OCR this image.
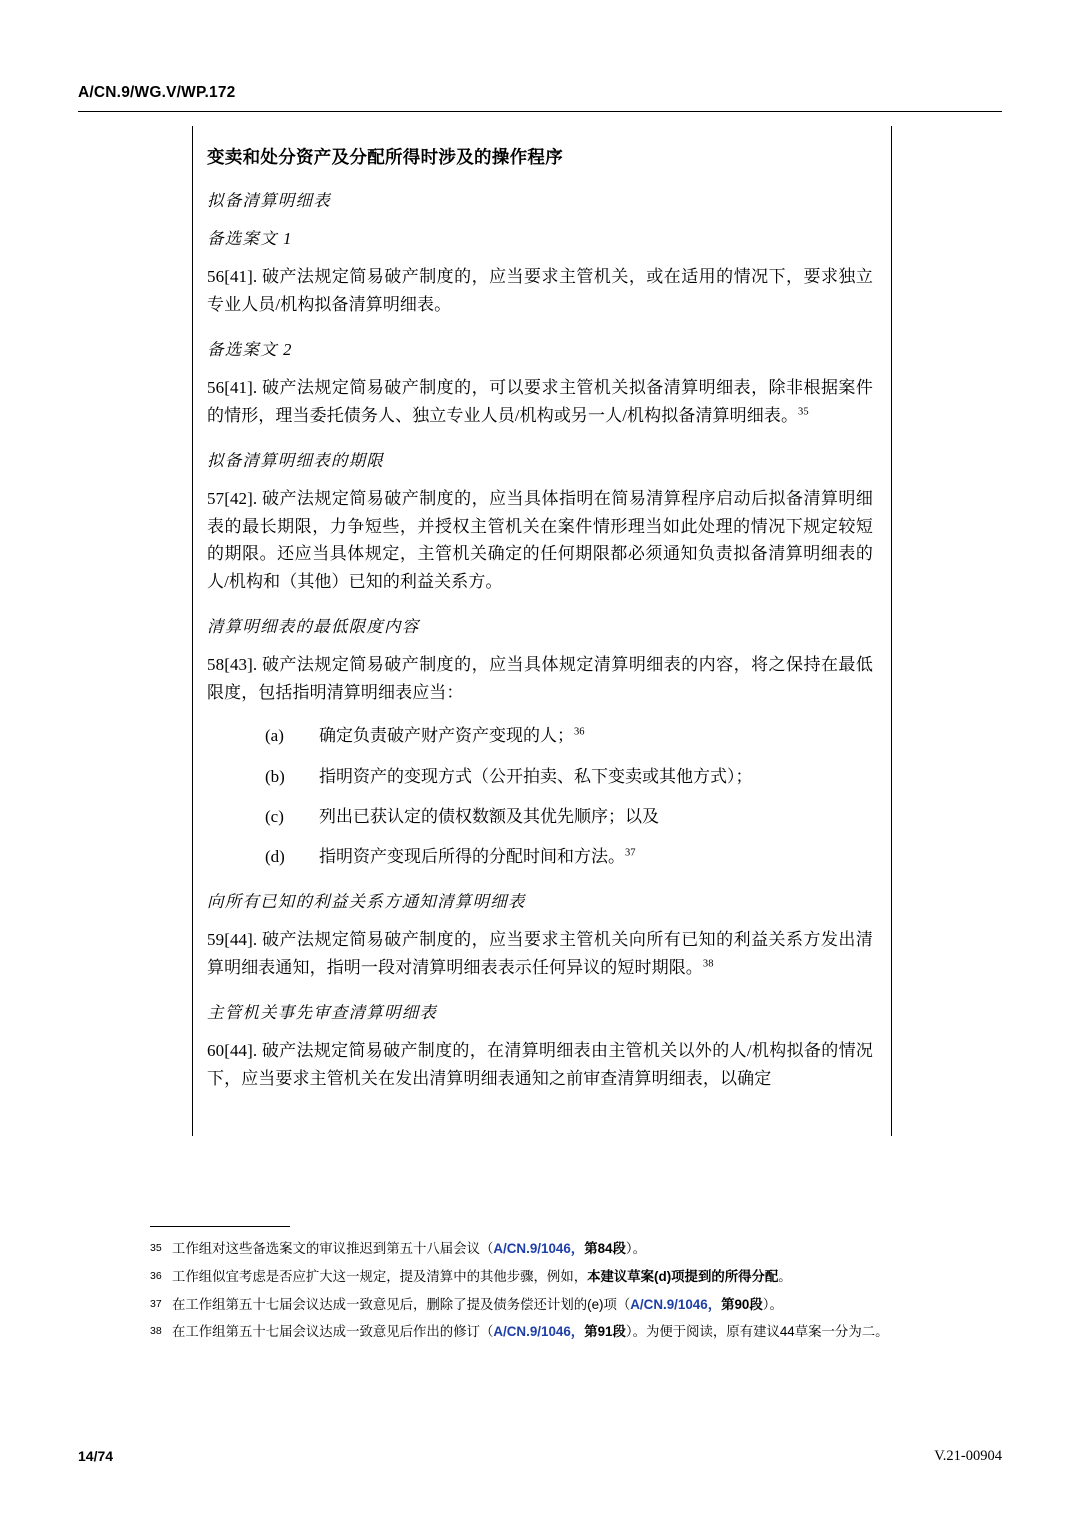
A/CN.9/WG.V/WP.172
变卖和处分资产及分配所得时涉及的操作程序
拟备清算明细表
备选案文 1

56[41]. 破产法规定简易破产制度的，应当要求主管机关，或在适用的情况下，要求独立专业人员/机构拟备清算明细表。

备选案文 2

56[41]. 破产法规定简易破产制度的，可以要求主管机关拟备清算明细表，除非根据案件的情形，理当委托债务人、独立专业人员/机构或另一人/机构拟备清算明细表。$^{35}$

拟备清算明细表的期限

57[42]. 破产法规定简易破产制度的，应当具体指明在简易清算程序启动后拟备清算明细表的最长期限，力争短些，并授权主管机关在案件情形理当如此处理的情况下规定较短的期限。还应当具体规定，主管机关确定的任何期限都必须通知负责拟备清算明细表的人/机构和（其他）已知的利益关系方。

清算明细表的最低限度内容

58[43]. 破产法规定简易破产制度的，应当具体规定清算明细表的内容，将之保持在最低限度，包括指明清算明细表应当：

(a)	确定负责破产财产资产变现的人；$^{36}$
(b)	指明资产的变现方式（公开拍卖、私下变卖或其他方式）；
(c)	列出已获认定的债权数额及其优先顺序；以及
(d)	指明资产变现后所得的分配时间和方法。$^{37}$
向所有已知的利益关系方通知清算明细表

59[44]. 破产法规定简易破产制度的，应当要求主管机关向所有已知的利益关系方发出清算明细表通知，指明一段对清算明细表表示任何异议的短时期限。$^{38}$

主管机关事先审查清算明细表

60[44]. 破产法规定简易破产制度的，在清算明细表由主管机关以外的人/机构拟备的情况下，应当要求主管机关在发出清算明细表通知之前审查清算明细表，以确定

35 工作组对这些备选案文的审议推迟到第五十八届会议（A/CN.9/1046，第84段）。
36 工作组似宜考虑是否应扩大这一规定，提及清算中的其他步骤，例如，本建议草案(d)项提到的所得分配。
37 在工作组第五十七届会议达成一致意见后，删除了提及债务偿还计划的(e)项（A/CN.9/1046，第90段）。
38 在工作组第五十七届会议达成一致意见后作出的修订（A/CN.9/1046，第91段）。为便于阅读，原有建议44草案一分为二。
14/74	V.21-00904
